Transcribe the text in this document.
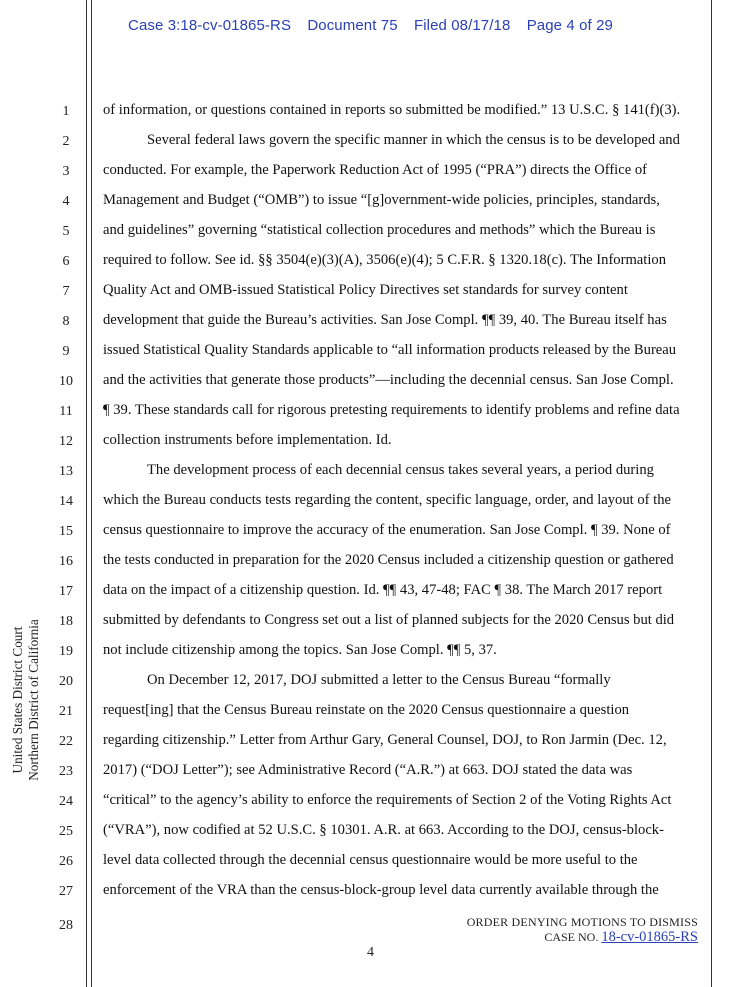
Case 3:18-cv-01865-RS Document 75 Filed 08/17/18 Page 4 of 29
United States District Court Northern District of California
1
2
3
4
5
6
7
8
9
10
11
12
13
14
15
16
17
18
19
20
21
22
23
24
25
26
27
28
of information, or questions contained in reports so submitted be modified.” 13 U.S.C. § 141(f)(3).
Several federal laws govern the specific manner in which the census is to be developed and
conducted. For example, the Paperwork Reduction Act of 1995 (“PRA”) directs the Office of
Management and Budget (“OMB”) to issue “[g]overnment-wide policies, principles, standards,
and guidelines” governing “statistical collection procedures and methods” which the Bureau is
required to follow. See id. §§ 3504(e)(3)(A), 3506(e)(4); 5 C.F.R. § 1320.18(c). The Information
Quality Act and OMB-issued Statistical Policy Directives set standards for survey content
development that guide the Bureau’s activities. San Jose Compl. ¶¶ 39, 40. The Bureau itself has
issued Statistical Quality Standards applicable to “all information products released by the Bureau
and the activities that generate those products”—including the decennial census. San Jose Compl.
¶ 39. These standards call for rigorous pretesting requirements to identify problems and refine data
collection instruments before implementation. Id.
The development process of each decennial census takes several years, a period during
which the Bureau conducts tests regarding the content, specific language, order, and layout of the
census questionnaire to improve the accuracy of the enumeration. San Jose Compl. ¶ 39. None of
the tests conducted in preparation for the 2020 Census included a citizenship question or gathered
data on the impact of a citizenship question. Id. ¶¶ 43, 47-48; FAC ¶ 38. The March 2017 report
submitted by defendants to Congress set out a list of planned subjects for the 2020 Census but did
not include citizenship among the topics. San Jose Compl. ¶¶ 5, 37.
On December 12, 2017, DOJ submitted a letter to the Census Bureau “formally
request[ing] that the Census Bureau reinstate on the 2020 Census questionnaire a question
regarding citizenship.” Letter from Arthur Gary, General Counsel, DOJ, to Ron Jarmin (Dec. 12,
2017) (“DOJ Letter”); see Administrative Record (“A.R.”) at 663. DOJ stated the data was
“critical” to the agency’s ability to enforce the requirements of Section 2 of the Voting Rights Act
(“VRA”), now codified at 52 U.S.C. § 10301. A.R. at 663. According to the DOJ, census-block-
level data collected through the decennial census questionnaire would be more useful to the
enforcement of the VRA than the census-block-group level data currently available through the
ORDER DENYING MOTIONS TO DISMISS
CASE NO. 18-cv-01865-RS
4
